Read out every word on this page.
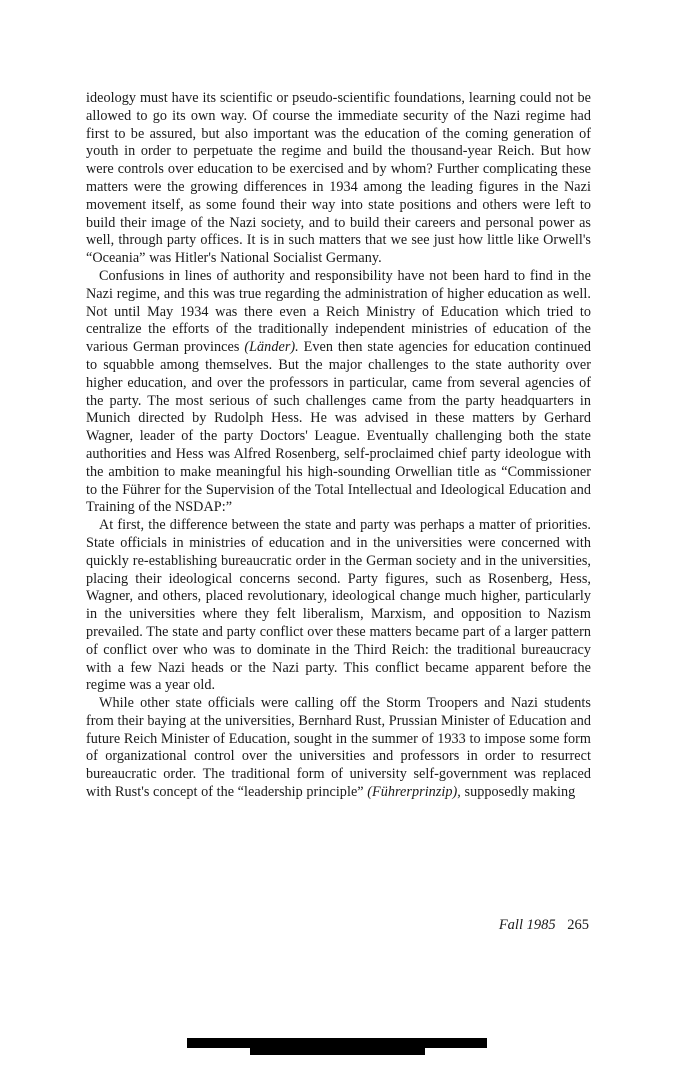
ideology must have its scientific or pseudo-scientific foundations, learning could not be allowed to go its own way. Of course the immediate security of the Nazi regime had first to be assured, but also important was the education of the coming generation of youth in order to perpetuate the regime and build the thousand-year Reich. But how were controls over education to be exercised and by whom? Further complicating these matters were the growing differences in 1934 among the leading figures in the Nazi movement itself, as some found their way into state positions and others were left to build their image of the Nazi society, and to build their careers and personal power as well, through party offices. It is in such matters that we see just how little like Orwell's “Oceania” was Hitler's National Socialist Germany.

Confusions in lines of authority and responsibility have not been hard to find in the Nazi regime, and this was true regarding the administration of higher education as well. Not until May 1934 was there even a Reich Ministry of Education which tried to centralize the efforts of the traditionally independent ministries of education of the various German provinces (Länder). Even then state agencies for education continued to squabble among themselves. But the major challenges to the state authority over higher education, and over the professors in particular, came from several agencies of the party. The most serious of such challenges came from the party headquarters in Munich directed by Rudolph Hess. He was advised in these matters by Gerhard Wagner, leader of the party Doctors' League. Eventually challenging both the state authorities and Hess was Alfred Rosenberg, self-proclaimed chief party ideologue with the ambition to make meaningful his high-sounding Orwellian title as “Commissioner to the Führer for the Supervision of the Total Intellectual and Ideological Education and Training of the NSDAP:”

At first, the difference between the state and party was perhaps a matter of priorities. State officials in ministries of education and in the universities were concerned with quickly re-establishing bureaucratic order in the German society and in the universities, placing their ideological concerns second. Party figures, such as Rosenberg, Hess, Wagner, and others, placed revolutionary, ideological change much higher, particularly in the universities where they felt liberalism, Marxism, and opposition to Nazism prevailed. The state and party conflict over these matters became part of a larger pattern of conflict over who was to dominate in the Third Reich: the traditional bureaucracy with a few Nazi heads or the Nazi party. This conflict became apparent before the regime was a year old.

While other state officials were calling off the Storm Troopers and Nazi students from their baying at the universities, Bernhard Rust, Prussian Minister of Education and future Reich Minister of Education, sought in the summer of 1933 to impose some form of organizational control over the universities and professors in order to resurrect bureaucratic order. The traditional form of university self-government was replaced with Rust's concept of the “leadership principle” (Führerprinzip), supposedly making

Fall 1985 265
